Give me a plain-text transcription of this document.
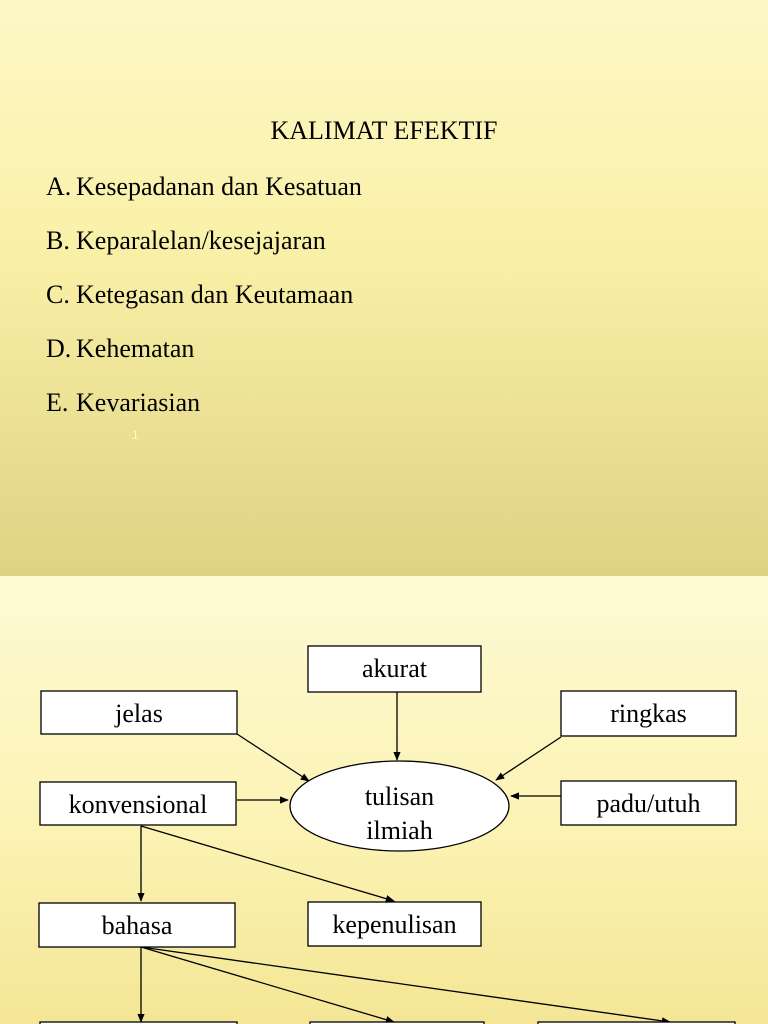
KALIMAT EFEKTIF
A. Kesepadanan dan Kesatuan
B. Keparalelan/kesejajaran
C. Ketegasan dan Keutamaan
D. Kehematan
E. Kevariasian
1
akurat
jelas	ringkas
konvensional	tulisan
ilmiah
padu/utuh
bahasa	kepenulisan
